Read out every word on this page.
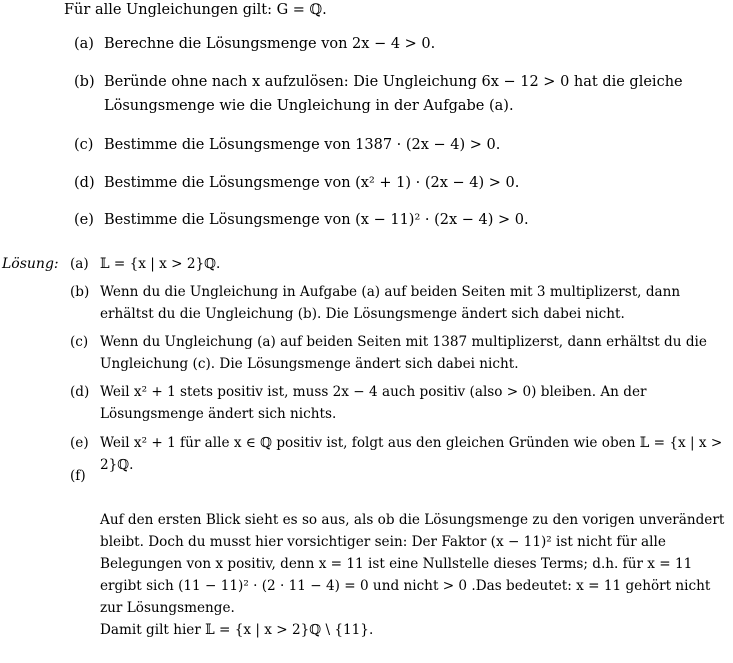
Für alle Ungleichungen gilt: G = ℚ.
(a) Berechne die Lösungsmenge von 2x − 4 > 0.
(b) Beründe ohne nach x aufzulösen: Die Ungleichung 6x − 12 > 0 hat die gleiche Lösungsmenge wie die Ungleichung in der Aufgabe (a).
(c) Bestimme die Lösungsmenge von 1387 · (2x − 4) > 0.
(d) Bestimme die Lösungsmenge von (x² + 1) · (2x − 4) > 0.
(e) Bestimme die Lösungsmenge von (x − 11)² · (2x − 4) > 0.
Lösung: (a) 𝕃 = {x | x > 2}ℚ.
(b) Wenn du die Ungleichung in Aufgabe (a) auf beiden Seiten mit 3 multiplizerst, dann erhältst du die Ungleichung (b). Die Lösungsmenge ändert sich dabei nicht.
(c) Wenn du Ungleichung (a) auf beiden Seiten mit 1387 multiplizerst, dann erhältst du die Ungleichung (c). Die Lösungsmenge ändert sich dabei nicht.
(d) Weil x² + 1 stets positiv ist, muss 2x − 4 auch positiv (also > 0) bleiben. An der Lösungsmenge ändert sich nichts.
(e) Weil x² + 1 für alle x ∈ ℚ positiv ist, folgt aus den gleichen Gründen wie oben 𝕃 = {x | x > 2}ℚ.

(f)

Auf den ersten Blick sieht es so aus, als ob die Lösungsmenge zu den vorigen unverändert bleibt. Doch du musst hier vorsichtiger sein: Der Faktor (x − 11)² ist nicht für alle Belegungen von x positiv, denn x = 11 ist eine Nullstelle dieses Terms; d.h. für x = 11 ergibt sich (11 − 11)² · (2 · 11 − 4) = 0 und nicht > 0 .Das bedeutet: x = 11 gehört nicht zur Lösungsmenge.
Damit gilt hier 𝕃 = {x | x > 2}ℚ \ {11}.
